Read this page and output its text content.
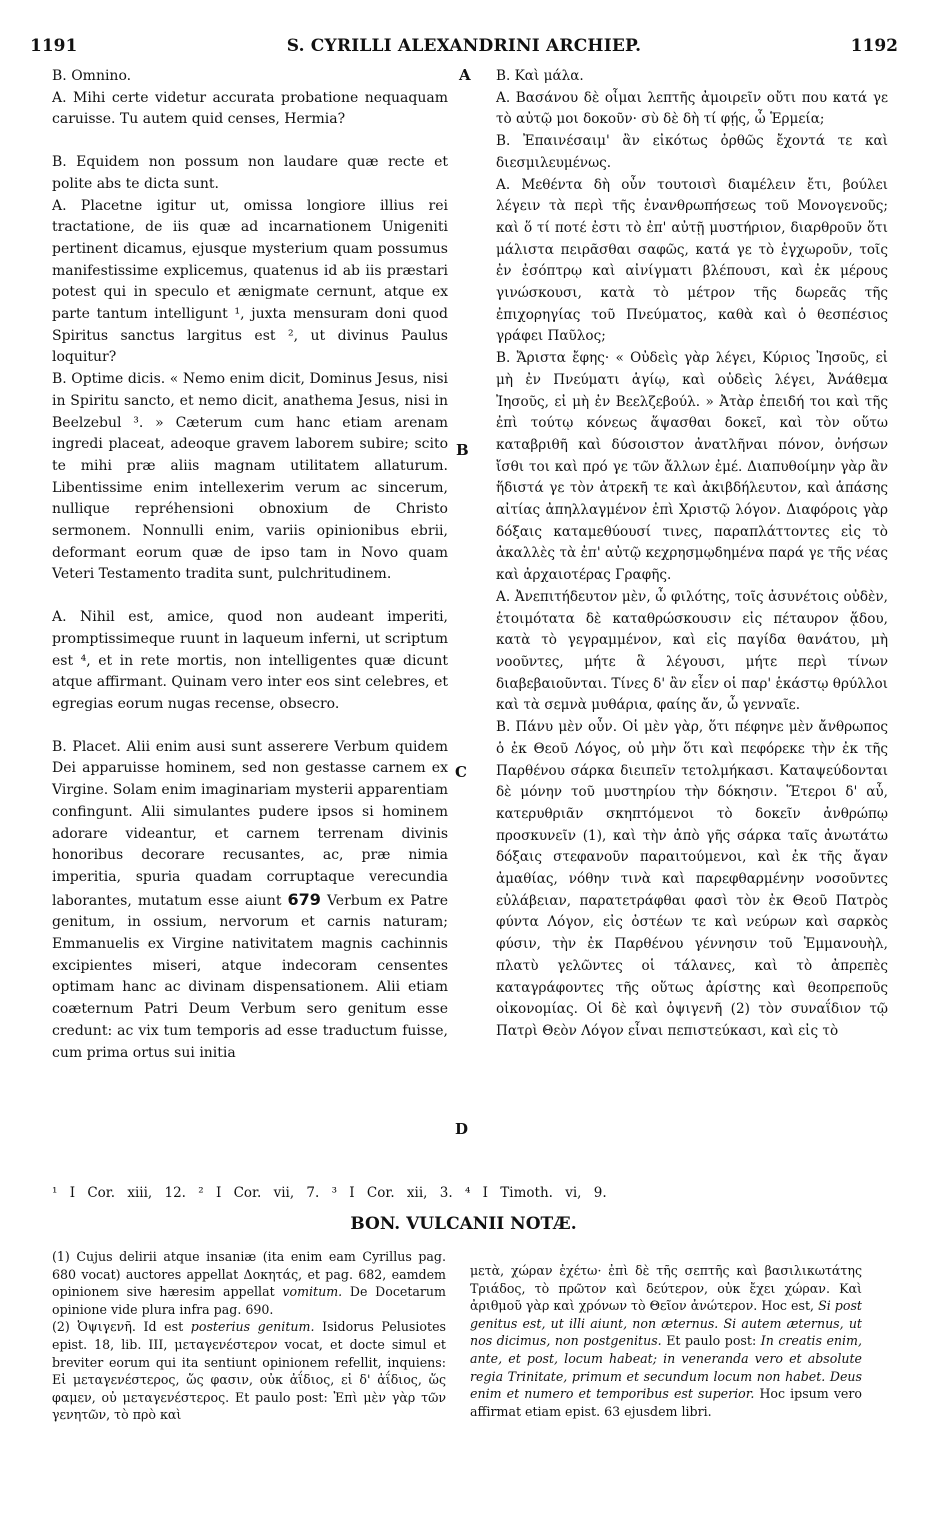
1191	S. CYRILLI ALEXANDRINI ARCHIEP.	1192

B. Omnino.

A. Mihi certe videtur accurata probatione nequaquam caruisse. Tu autem quid censes, Hermia?

B. Equidem non possum non laudare quæ recte et polite abs te dicta sunt.

A. Placetne igitur ut, omissa longiore illius rei tractatione, de iis quæ ad incarnationem Unigeniti pertinent dicamus, ejusque mysterium quam possumus manifestissime explicemus, quatenus id ab iis præstari potest qui in speculo et ænigmate cernunt, atque ex parte tantum intelligunt ¹, juxta mensuram doni quod Spiritus sanctus largitus est ², ut divinus Paulus loquitur?

B. Optime dicis. « Nemo enim dicit, Dominus Jesus, nisi in Spiritu sancto, et nemo dicit, anathema Jesus, nisi in Beelzebul ³. » Cæterum cum hanc etiam arenam ingredi placeat, adeoque gravem laborem subire; scito te mihi præ aliis magnam utilitatem allaturum. Libentissime enim intellexerim verum ac sincerum, nullique repréhensioni obnoxium de Christo sermonem. Nonnulli enim, variis opinionibus ebrii, deformant eorum quæ de ipso tam in Novo quam Veteri Testamento tradita sunt, pulchritudinem.

A. Nihil est, amice, quod non audeant imperiti, promptissimeque ruunt in laqueum inferni, ut scriptum est ⁴, et in rete mortis, non intelligentes quæ dicunt atque affirmant. Quinam vero inter eos sint celebres, et egregias eorum nugas recense, obsecro.

B. Placet. Alii enim ausi sunt asserere Verbum quidem Dei apparuisse hominem, sed non gestasse carnem ex Virgine. Solam enim imaginariam mysterii apparentiam confingunt. Alii simulantes pudere ipsos si hominem adorare videantur, et carnem terrenam divinis honoribus decorare recusantes, ac, præ nimia imperitia, spuria quadam corruptaque verecundia laborantes, mutatum esse aiunt 679 Verbum ex Patre genitum, in ossium, nervorum et carnis naturam; Emmanuelis ex Virgine nativitatem magnis cachinnis excipientes miseri, atque indecoram censentes optimam hanc ac divinam dispensationem. Alii etiam coæternum Patri Deum Verbum sero genitum esse credunt: ac vix tum temporis ad esse traductum fuisse, cum prima ortus sui initia

A
B
C
D

Β. Καὶ μάλα.

Α. Βασάνου δὲ οἶμαι λεπτῆς ἀμοιρεῖν οὔτι που κατά γε τὸ αὐτῷ μοι δοκοῦν· σὺ δὲ δὴ τί φῄς, ὦ Ἑρμεία;

Β. Ἐπαινέσαιμ' ἂν εἰκότως ὀρθῶς ἔχοντά τε καὶ διεσμιλευμένως.

Α. Μεθέντα δὴ οὖν τουτοισὶ διαμέλειν ἔτι, βούλει λέγειν τὰ περὶ τῆς ἐνανθρωπήσεως τοῦ Μονογενοῦς; καὶ ὅ τί ποτέ ἐστι τὸ ἐπ' αὐτῇ μυστήριον, διαρθροῦν ὅτι μάλιστα πειρᾶσθαι σαφῶς, κατά γε τὸ ἐγχωροῦν, τοῖς ἐν ἐσόπτρῳ καὶ αἰνίγματι βλέπουσι, καὶ ἐκ μέρους γινώσκουσι, κατὰ τὸ μέτρον τῆς δωρεᾶς τῆς ἐπιχορηγίας τοῦ Πνεύματος, καθὰ καὶ ὁ θεσπέσιος γράφει Παῦλος;

Β. Ἄριστα ἔφης· « Οὐδεὶς γὰρ λέγει, Κύριος Ἰησοῦς, εἰ μὴ ἐν Πνεύματι ἁγίῳ, καὶ οὐδεὶς λέγει, Ἀνάθεμα Ἰησοῦς, εἰ μὴ ἐν Βεελζεβούλ. » Ἀτὰρ ἐπειδή τοι καὶ τῆς ἐπὶ τούτῳ κόνεως ἅψασθαι δοκεῖ, καὶ τὸν οὕτω καταβριθῆ καὶ δύσοιστον ἀνατλῆναι πόνον, ὀνήσων ἴσθι τοι καὶ πρό γε τῶν ἄλλων ἐμέ. Διαπυθοίμην γὰρ ἂν ἥδιστά γε τὸν ἀτρεκῆ τε καὶ ἀκιβδήλευτον, καὶ ἁπάσης αἰτίας ἀπηλλαγμένον ἐπὶ Χριστῷ λόγον. Διαφόροις γὰρ δόξαις καταμεθύουσί τινες, παραπλάττοντες εἰς τὸ ἀκαλλὲς τὰ ἐπ' αὐτῷ κεχρησμῳδημένα παρά γε τῆς νέας καὶ ἀρχαιοτέρας Γραφῆς.

Α. Ἀνεπιτήδευτον μὲν, ὦ φιλότης, τοῖς ἀσυνέτοις οὐδὲν, ἑτοιμότατα δὲ καταθρώσκουσιν εἰς πέταυρον ᾅδου, κατὰ τὸ γεγραμμένον, καὶ εἰς παγίδα θανάτου, μὴ νοοῦντες, μήτε ἃ λέγουσι, μήτε περὶ τίνων διαβεβαιοῦνται. Τίνες δ' ἂν εἶεν οἱ παρ' ἑκάστῳ θρύλλοι καὶ τὰ σεμνὰ μυθάρια, φαίης ἄν, ὦ γενναῖε.

Β. Πάνυ μὲν οὖν. Οἱ μὲν γὰρ, ὅτι πέφηνε μὲν ἄνθρωπος ὁ ἐκ Θεοῦ Λόγος, οὐ μὴν ὅτι καὶ πεφόρεκε τὴν ἐκ τῆς Παρθένου σάρκα διειπεῖν τετολμήκασι. Καταψεύδονται δὲ μόνην τοῦ μυστηρίου τὴν δόκησιν. Ἕτεροι δ' αὖ, κατερυθριᾶν σκηπτόμενοι τὸ δοκεῖν ἀνθρώπῳ προσκυνεῖν (1), καὶ τὴν ἀπὸ γῆς σάρκα ταῖς ἀνωτάτω δόξαις στεφανοῦν παραιτούμενοι, καὶ ἐκ τῆς ἄγαν ἀμαθίας, νόθην τινὰ καὶ παρεφθαρμένην νοσοῦντες εὐλάβειαν, παρατετράφθαι φασὶ τὸν ἐκ Θεοῦ Πατρὸς φύντα Λόγον, εἰς ὀστέων τε καὶ νεύρων καὶ σαρκὸς φύσιν, τὴν ἐκ Παρθένου γέννησιν τοῦ Ἐμμανουὴλ, πλατὺ γελῶντες οἱ τάλανες, καὶ τὸ ἀπρεπὲς καταγράφοντες τῆς οὕτως ἀρίστης καὶ θεοπρεποῦς οἰκονομίας. Οἱ δὲ καὶ ὀψιγενῆ (2) τὸν συναΐδιον τῷ Πατρὶ Θεὸν Λόγον εἶναι πεπιστεύκασι, καὶ εἰς τὸ

¹ I Cor. xiii, 12. ² I Cor. vii, 7. ³ I Cor. xii, 3. ⁴ I Timoth. vi, 9.
BON. VULCANII NOTÆ.

(1) Cujus delirii atque insaniæ (ita enim eam Cyrillus pag. 680 vocat) auctores appellat Δοκητάς, et pag. 682, eamdem opinionem sive hæresim appellat vomitum. De Docetarum opinione vide plura infra pag. 690.

(2) Ὀψιγενῆ. Id est posterius genitum. Isidorus Pelusiotes epist. 18, lib. III, μεταγενέστερον vocat, et docte simul et breviter eorum qui ita sentiunt opinionem refellit, inquiens: Εἰ μεταγενέστερος, ὥς φασιν, οὐκ ἀΐδιος, εἰ δ' ἀΐδιος, ὥς φαμεν, οὐ μεταγενέστερος. Et paulo post: Ἐπὶ μὲν γὰρ τῶν γενητῶν, τὸ πρὸ καὶ

μετὰ, χώραν ἐχέτω· ἐπὶ δὲ τῆς σεπτῆς καὶ βασιλικωτάτης Τριάδος, τὸ πρῶτον καὶ δεύτερον, οὐκ ἔχει χώραν. Καὶ ἀριθμοῦ γὰρ καὶ χρόνων τὸ Θεῖον ἀνώτερον. Hoc est, Si post genitus est, ut illi aiunt, non æternus. Si autem æternus, ut nos dicimus, non postgenitus. Et paulo post: In creatis enim, ante, et post, locum habeat; in veneranda vero et absolute regia Trinitate, primum et secundum locum non habet. Deus enim et numero et temporibus est superior. Hoc ipsum vero affirmat etiam epist. 63 ejusdem libri.
